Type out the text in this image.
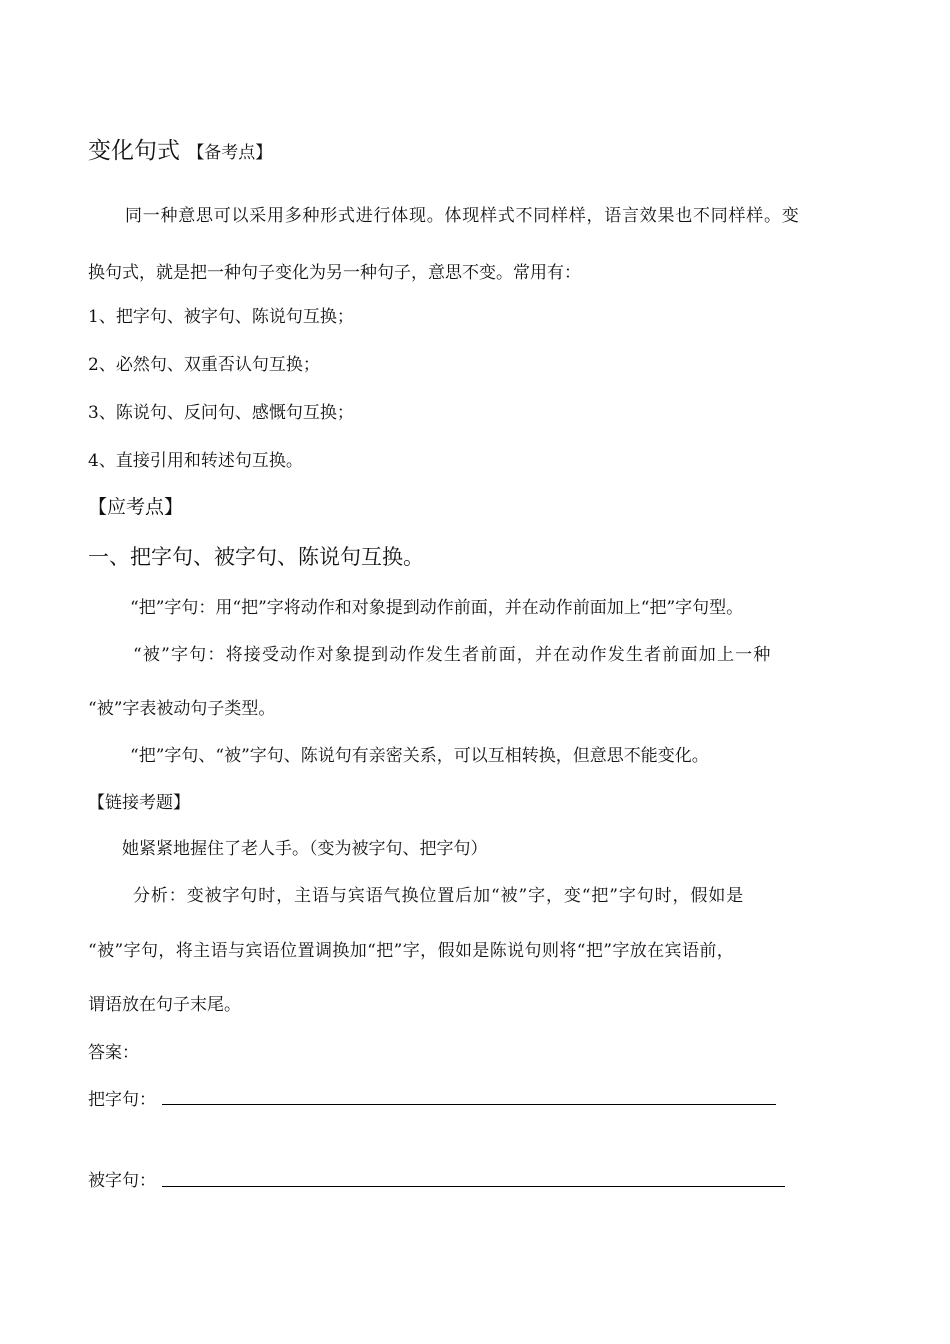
变化句式 【备考点】
同一种意思可以采用多种形式进行体现。体现样式不同样样，语言效果也不同样样。变
换句式，就是把一种句子变化为另一种句子，意思不变。常用有：
1、把字句、被字句、陈说句互换；
2、必然句、双重否认句互换；
3、陈说句、反问句、感慨句互换；
4、直接引用和转述句互换。
【应考点】
一、把字句、被字句、陈说句互换。
“把”字句：用“把”字将动作和对象提到动作前面，并在动作前面加上“把”字句型。
“被”字句：将接受动作对象提到动作发生者前面，并在动作发生者前面加上一种
“被”字表被动句子类型。
“把”字句、“被”字句、陈说句有亲密关系，可以互相转换，但意思不能变化。
【链接考题】
她紧紧地握住了老人手。（变为被字句、把字句）
分析：变被字句时，主语与宾语气换位置后加“被”字，变“把”字句时，假如是
“被”字句，将主语与宾语位置调换加“把”字，假如是陈说句则将“把”字放在宾语前，
谓语放在句子末尾。
答案：
把字句：
被字句：
